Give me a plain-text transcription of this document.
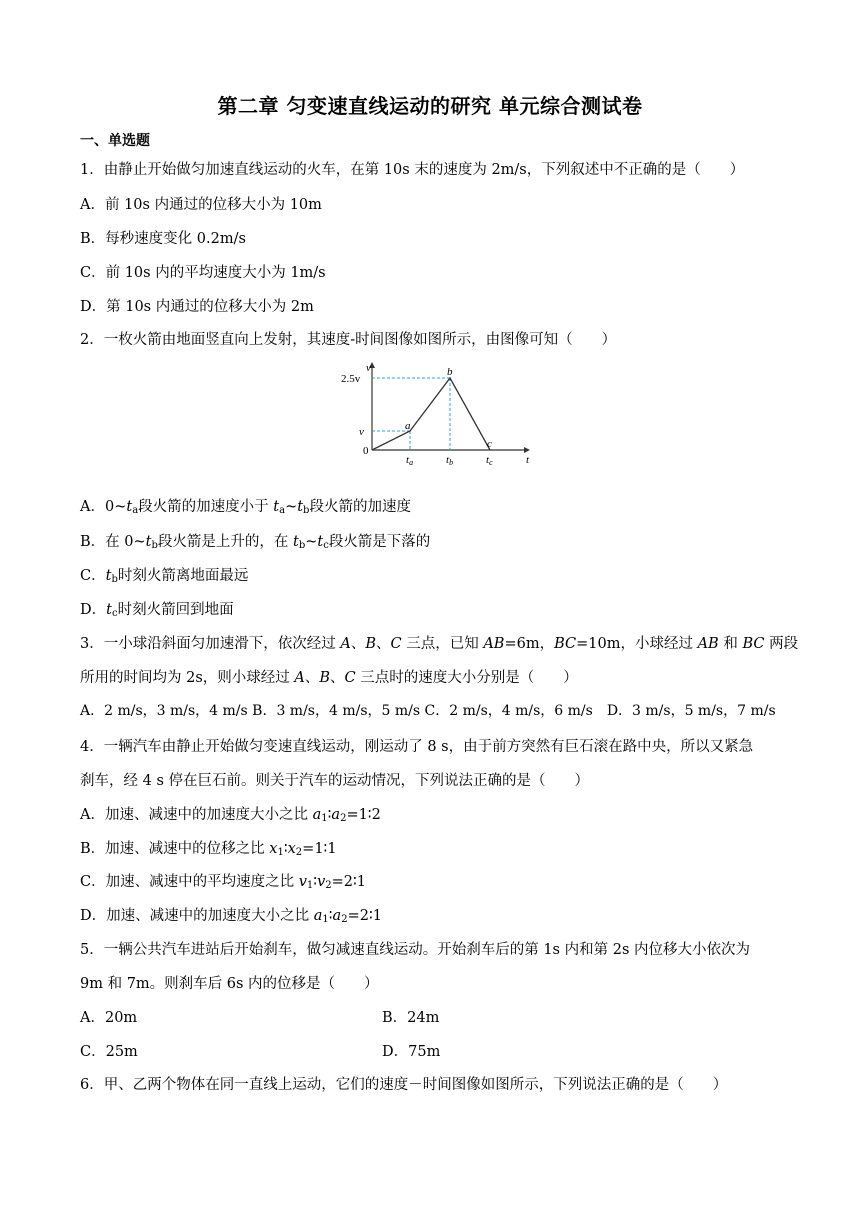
第二章 匀变速直线运动的研究 单元综合测试卷
一、单选题
1．由静止开始做匀加速直线运动的火车，在第 10s 末的速度为 2m/s，下列叙述中不正确的是（　　）
A．前 10s 内通过的位移大小为 10m
B．每秒速度变化 0.2m/s
C．前 10s 内的平均速度大小为 1m/s
D．第 10s 内通过的位移大小为 2m
2．一枚火箭由地面竖直向上发射，其速度-时间图像如图所示，由图像可知（　　）
v
t
2.5v
v
0
a
b
c
ta	tb	tc
A．$0\sim t_a$段火箭的加速度小于 $t_a\sim t_b$段火箭的加速度
B．在 $0\sim t_b$段火箭是上升的，在 $t_b\sim t_c$段火箭是下落的
C．$t_b$时刻火箭离地面最远
D．$t_c$时刻火箭回到地面
3．一小球沿斜面匀加速滑下，依次经过 A、B、C 三点，已知 AB=6m，BC=10m，小球经过 AB 和 BC 两段
所用的时间均为 2s，则小球经过 A、B、C 三点时的速度大小分别是（　　）
A．2 m/s，3 m/s，4 m/s B．3 m/s，4 m/s，5 m/s C．2 m/s，4 m/s，6 m/s　D．3 m/s，5 m/s，7 m/s
4．一辆汽车由静止开始做匀变速直线运动，刚运动了 8 s，由于前方突然有巨石滚在路中央，所以又紧急
刹车，经 4 s 停在巨石前。则关于汽车的运动情况，下列说法正确的是（　　）
A．加速、减速中的加速度大小之比 $a_1∶a_2=1∶2$
B．加速、减速中的位移之比 $x_1∶x_2=1∶1$
C．加速、减速中的平均速度之比 $v_1∶v_2=2∶1$
D．加速、减速中的加速度大小之比 $a_1∶a_2=2∶1$
5．一辆公共汽车进站后开始刹车，做匀减速直线运动。开始刹车后的第 1s 内和第 2s 内位移大小依次为
9m 和 7m。则刹车后 6s 内的位移是（　　）
A．20m	B．24m
C．25m	D．75m
6．甲、乙两个物体在同一直线上运动，它们的速度－时间图像如图所示，下列说法正确的是（　　）
